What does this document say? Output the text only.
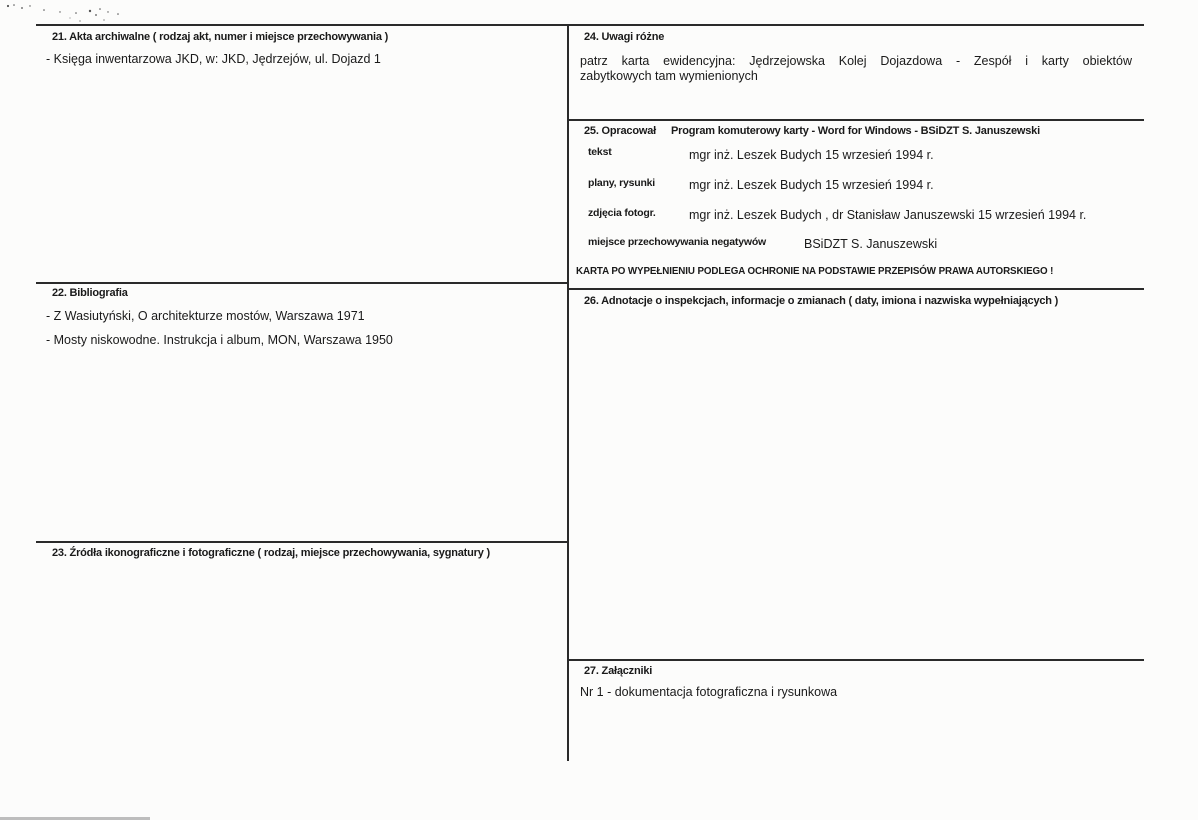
21. Akta archiwalne ( rodzaj akt, numer i miejsce przechowywania )
- Księga inwentarzowa JKD, w: JKD, Jędrzejów, ul. Dojazd 1
22. Bibliografia
- Z Wasiutyński, O architekturze mostów, Warszawa 1971
- Mosty niskowodne. Instrukcja i album, MON, Warszawa 1950
23. Źródła ikonograficzne i fotograficzne ( rodzaj, miejsce przechowywania, sygnatury )
24. Uwagi różne
patrz karta ewidencyjna: Jędrzejowska Kolej Dojazdowa - Zespół i karty obiektów
zabytkowych tam wymienionych
25. Opracował Program komuterowy karty - Word for Windows - BSiDZT S. Januszewski
tekst	mgr inż. Leszek Budych 15 wrzesień 1994 r.
plany, rysunki	mgr inż. Leszek Budych 15 wrzesień 1994 r.
zdjęcia fotogr.	mgr inż. Leszek Budych , dr Stanisław Januszewski 15 wrzesień 1994 r.
miejsce przechowywania negatywów	BSiDZT S. Januszewski
KARTA PO WYPEŁNIENIU PODLEGA OCHRONIE NA PODSTAWIE PRZEPISÓW PRAWA AUTORSKIEGO !
26. Adnotacje o inspekcjach, informacje o zmianach ( daty, imiona i nazwiska wypełniających )
27. Załączniki
Nr 1 - dokumentacja fotograficzna i rysunkowa
